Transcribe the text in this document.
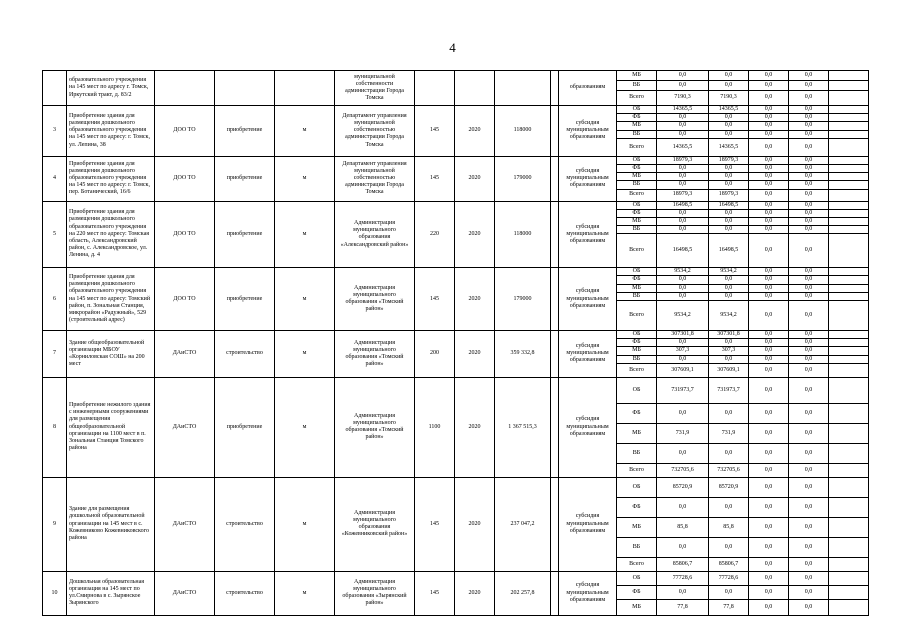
4
	образовательного учреждения на 145 мест по адресу г. Томск, Иркутский тракт, д. 83/2				муниципальной собственности администрации Города Томска					образованиям	МБ	0,0	0,0	0,0	0,0	
											ВБ	0,0	0,0	0,0	0,0	
											Всего	7190,3	7190,3	0,0	0,0	
3	Приобретение здания для размещения дошкольного образовательного учреждения на 145 мест по адресу: г. Томск, ул. Лепина, 38	ДОО ТО	приобретение	м	Департамент управления муниципальной собственностью администрации Города Томска	145	2020	118000		субсидия муниципальным образованиям	ОБ	14365,5	14365,5	0,0	0,0	
											ФБ	0,0	0,0	0,0	0,0	
											МБ	0,0	0,0	0,0	0,0	
											ВБ	0,0	0,0	0,0	0,0	
											Всего	14365,5	14365,5	0,0	0,0	
4	Приобретение здания для размещения дошкольного образовательного учреждения на 145 мест по адресу: г. Томск, пер. Ботанический, 16/6	ДОО ТО	приобретение	м	Департамент управления муниципальной собственностью администрации Города Томска	145	2020	179000		субсидия муниципальным образованиям	ОБ	18979,3	18979,3	0,0	0,0	
											ФБ	0,0	0,0	0,0	0,0	
											МБ	0,0	0,0	0,0	0,0	
											ВБ	0,0	0,0	0,0	0,0	
											Всего	18979,3	18979,3	0,0	0,0	
5	Приобретение здания для размещения дошкольного образовательного учреждения на 220 мест по адресу: Томская область, Александровский район, с. Александровское, ул. Ленина, д. 4	ДОО ТО	приобретение	м	Администрация муниципального образования «Александровский район»	220	2020	118000		субсидия муниципальным образованиям	ОБ	16498,5	16498,5	0,0	0,0	
											ФБ	0,0	0,0	0,0	0,0	
											МБ	0,0	0,0	0,0	0,0	
											ВБ	0,0	0,0	0,0	0,0	
											Всего	16498,5	16498,5	0,0	0,0	
6	Приобретение здания для размещения дошкольного образовательного учреждения на 145 мест по адресу: Томский район, п. Зональная Станция, микрорайон «Радужный», 529 (строительный адрес)	ДОО ТО	приобретение	м	Администрация муниципального образования «Томский район»	145	2020	179000		субсидия муниципальным образованиям	ОБ	9534,2	9534,2	0,0	0,0	
											ФБ	0,0	0,0	0,0	0,0	
											МБ	0,0	0,0	0,0	0,0	
											ВБ	0,0	0,0	0,0	0,0	
											Всего	9534,2	9534,2	0,0	0,0	
7	Здание общеобразовательной организации МБОУ «Корниловская СОШ» на 200 мест	ДАиСТО	строительство	м	Администрация муниципального образования «Томский район»	200	2020	359 332,8		субсидия муниципальным образованиям	ОБ	307301,8	307301,8	0,0	0,0	
											ФБ	0,0	0,0	0,0	0,0	
											МБ	307,3	307,3	0,0	0,0	
											ВБ	0,0	0,0	0,0	0,0	
											Всего	307609,1	307609,1	0,0	0,0	
8	Приобретение нежилого здания с инженерными сооружениями для размещения общеобразовательной организации на 1100 мест в п. Зональная Станция Томского района	ДАиСТО	приобретение	м	Администрация муниципального образования «Томский район»	1100	2020	1 367 515,3		субсидия муниципальным образованиям	ОБ	731973,7	731973,7	0,0	0,0	
											ФБ	0,0	0,0	0,0	0,0	
											МБ	731,9	731,9	0,0	0,0	
											ВБ	0,0	0,0	0,0	0,0	
											Всего	732705,6	732705,6	0,0	0,0	
9	Здание для размещения дошкольной образовательной организации на 145 мест в с. Кожевниково Кожевниковского района	ДАиСТО	строительство	м	Администрация муниципального образования «Кожевниковский район»	145	2020	237 047,2		субсидия муниципальным образованиям	ОБ	85720,9	85720,9	0,0	0,0	
											ФБ	0,0	0,0	0,0	0,0	
											МБ	85,8	85,8	0,0	0,0	
											ВБ	0,0	0,0	0,0	0,0	
											Всего	85806,7	85806,7	0,0	0,0	
10	Дошкольная образовательная организация на 145 мест по ул.Смирнова в с. Зырянское Зырянского	ДАиСТО	строительство	м	Администрация муниципального образования «Зырянский район»	145	2020	202 257,8		субсидия муниципальным образованиям	ОБ	77728,6	77728,6	0,0	0,0	
											ФБ	0,0	0,0	0,0	0,0	
											МБ	77,8	77,8	0,0	0,0	
